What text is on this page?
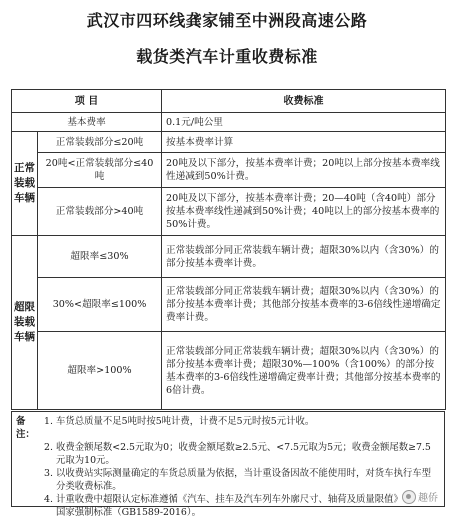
武汉市四环线龚家铺至中洲段高速公路
载货类汽车计重收费标准
项 目		收费标准
基本费率		0.1元/吨公里
正常装载车辆	正常装载部分≤20吨	按基本费率计算
	20吨<正常装载部分≤40吨	20吨及以下部分，按基本费率计费；20吨以上部分按基本费率线性递减到50%计费。
	正常装载部分>40吨	20吨及以下部分，按基本费率计费；20—40吨（含40吨）部分按基本费率线性递减到50%计费；40吨以上的部分按基本费率的50%计费。
超限装载车辆	超限率≤30%	正常装载部分同正常装载车辆计费；超限30%以内（含30%）的部分按基本费率计费。
	30%<超限率≤100%	正常装载部分同正常装载车辆计费；超限30%以内（含30%）的部分按基本费率计费；其他部分按基本费率的3-6倍线性递增确定费率计费。
	超限率>100%	正常装载部分同正常装载车辆计费；超限30%以内（含30%）的部分按基本费率计费；超限30%—100%（含100%）的部分按基本费率的3-6倍线性递增确定费率计费；其他部分按基本费率的6倍计费。
备注：
1. 车货总质量不足5吨时按5吨计费，计费不足5元时按5元计收。
2. 收费金额尾数<2.5元取为0；收费金额尾数≥2.5元、<7.5元取为5元；收费金额尾数≥7.5元取为10元。
3. 以收费站实际测量确定的车货总质量为依据，当计重设备因故不能使用时，对货车执行车型分类收费标准。
4. 计重收费中超限认定标准遵循《汽车、挂车及汽车列车外廓尺寸、轴荷及质量限值》国家强制标准（GB1589-2016）。
趣侨
